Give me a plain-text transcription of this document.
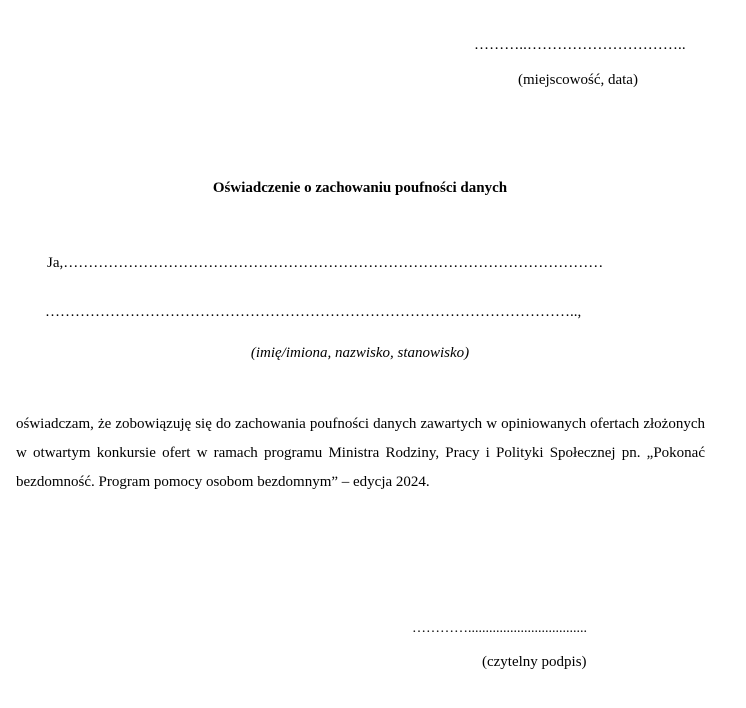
………..…………………………..
(miejscowość, data)
Oświadczenie o zachowaniu poufności danych
Ja,………………………………………………………………………………………………
……………………………………………………………………………………………..,
(imię/imiona, nazwisko, stanowisko)
oświadczam, że zobowiązuję się do zachowania poufności danych zawartych w opiniowanych ofertach złożonych w otwartym konkursie ofert w ramach programu Ministra Rodziny, Pracy i Polityki Społecznej pn. „Pokonać bezdomność. Program pomocy osobom bezdomnym” – edycja 2024.
…………..................................
(czytelny podpis)
